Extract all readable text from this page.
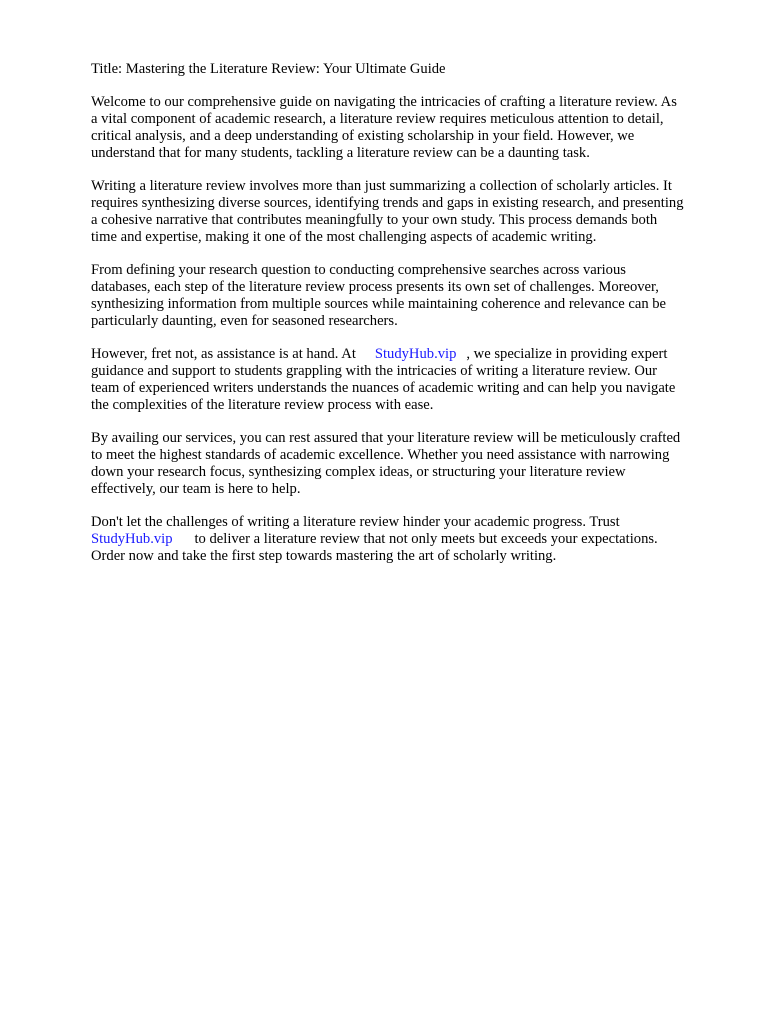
Title: Mastering the Literature Review: Your Ultimate Guide
Welcome to our comprehensive guide on navigating the intricacies of crafting a literature review. As
a vital component of academic research, a literature review requires meticulous attention to detail,
critical analysis, and a deep understanding of existing scholarship in your field. However, we
understand that for many students, tackling a literature review can be a daunting task.
Writing a literature review involves more than just summarizing a collection of scholarly articles. It
requires synthesizing diverse sources, identifying trends and gaps in existing research, and presenting
a cohesive narrative that contributes meaningfully to your own study. This process demands both
time and expertise, making it one of the most challenging aspects of academic writing.
From defining your research question to conducting comprehensive searches across various
databases, each step of the literature review process presents its own set of challenges. Moreover,
synthesizing information from multiple sources while maintaining coherence and relevance can be
particularly daunting, even for seasoned researchers.
However, fret not, as assistance is at hand. At StudyHub.vip , we specialize in providing expert
guidance and support to students grappling with the intricacies of writing a literature review. Our
team of experienced writers understands the nuances of academic writing and can help you navigate
the complexities of the literature review process with ease.
By availing our services, you can rest assured that your literature review will be meticulously crafted
to meet the highest standards of academic excellence. Whether you need assistance with narrowing
down your research focus, synthesizing complex ideas, or structuring your literature review
effectively, our team is here to help.
Don't let the challenges of writing a literature review hinder your academic progress. Trust
StudyHub.vip to deliver a literature review that not only meets but exceeds your expectations.
Order now and take the first step towards mastering the art of scholarly writing.
